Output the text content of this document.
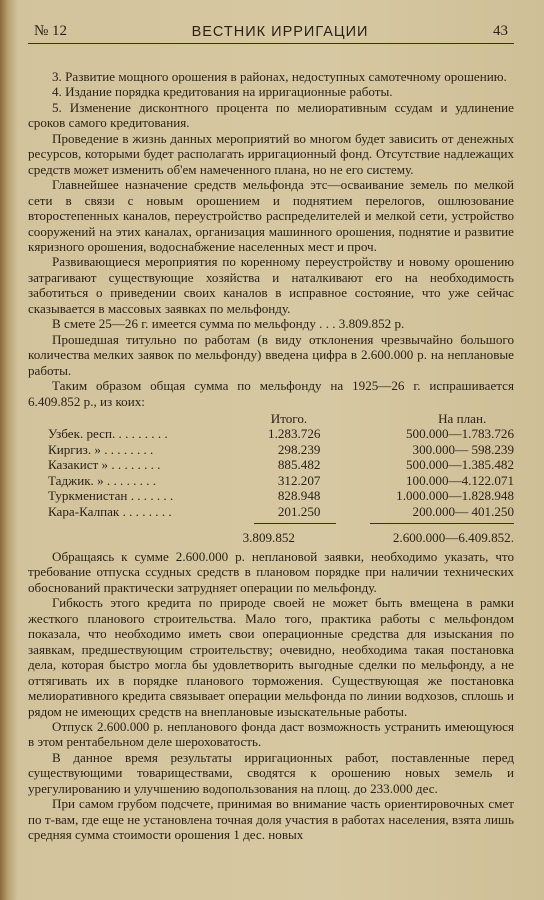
№ 12	ВЕСТНИК ИРРИГАЦИИ	43

3. Развитие мощного орошения в районах, недоступных самотечному орошению.

4. Издание порядка кредитования на ирригационные работы.

5. Изменение дисконтного процента по мелиоративным ссудам и удлинение сроков самого кредитования.

Проведение в жизнь данных мероприятий во многом будет зависить от денежных ресурсов, которыми будет располагать ирригационный фонд. Отсутствие надлежащих средств может изменить об'ем намеченного плана, но не его систему.

Главнейшее назначение средств мельфонда этс—осваивание земель по мелкой сети в связи с новым орошением и поднятием перелогов, ошлюзование второстепенных каналов, переустройство распределителей и мелкой сети, устройство сооружений на этих каналах, организация машинного орошения, поднятие и развитие кяризного орошения, водоснабжение населенных мест и проч.

Развивающиеся мероприятия по коренному переустройству и новому орошению затрагивают существующие хозяйства и наталкивают его на необходимость заботиться о приведении своих каналов в исправное состояние, что уже сейчас сказывается в массовых заявках по мельфонду.

В смете 25—26 г. имеется сумма по мельфонду . . . 3.809.852 р.

Прошедшая титульно по работам (в виду отклонения чрезвычайно большого количества мелких заявок по мельфонду) введена цифра в 2.600.000 р. на неплановые работы.

Таким образом общая сумма по мельфонду на 1925—26 г. испрашивается 6.409.852 р., из коих:

Итого.	На план.
Узбек. респ. . . . . . . . .	1.283.726	500.000—1.783.726
Киргиз. » . . . . . . . .	298.239	300.000— 598.239
Казакист » . . . . . . . .	885.482	500.000—1.385.482
Таджик. » . . . . . . . .	312.207	100.000—4.122.071
Туркменистан . . . . . . .	828.948	1.000.000—1.828.948
Кара-Калпак . . . . . . . .	201.250	200.000— 401.250
3.809.852	2.600.000—6.409.852.

Обращаясь к сумме 2.600.000 р. неплановой заявки, необходимо указать, что требование отпуска ссудных средств в плановом порядке при наличии технических обоснований практически затрудняет операции по мельфонду.

Гибкость этого кредита по природе своей не может быть вмещена в рамки жесткого планового строительства. Мало того, практика работы с мельфондом показала, что необходимо иметь свои операционные средства для изыскания по заявкам, предшествующим строительству; очевидно, необходима такая постановка дела, которая быстро могла бы удовлетворить выгодные сделки по мельфонду, а не оттягивать их в порядке планового торможения. Существующая же постановка мелиоративного кредита связывает операции мельфонда по линии водхозов, сплошь и рядом не имеющих средств на внеплановые изыскательные работы.

Отпуск 2.600.000 р. непланового фонда даст возможность устранить имеющуюся в этом рентабельном деле шероховатость.

В данное время результаты ирригационных работ, поставленные перед существующими товариществами, сводятся к орошению новых земель и урегулированию и улучшению водопользования на площ. до 233.000 дес.

При самом грубом подсчете, принимая во внимание часть ориентировочных смет по т-вам, где еще не установлена точная доля участия в работах населения, взята лишь средняя сумма стоимости орошения 1 дес. новых
